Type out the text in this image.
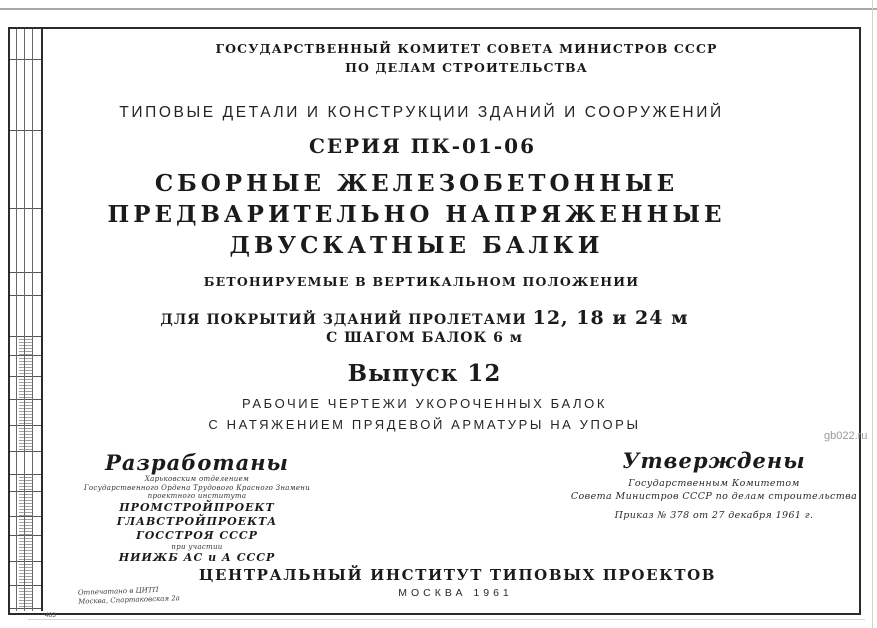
ГОСУДАРСТВЕННЫЙ КОМИТЕТ СОВЕТА МИНИСТРОВ СССР
ПО ДЕЛАМ СТРОИТЕЛЬСТВА
ТИПОВЫЕ ДЕТАЛИ И КОНСТРУКЦИИ ЗДАНИЙ И СООРУЖЕНИЙ
СЕРИЯ ПК-01-06
СБОРНЫЕ ЖЕЛЕЗОБЕТОННЫЕ
ПРЕДВАРИТЕЛЬНО НАПРЯЖЕННЫЕ
ДВУСКАТНЫЕ БАЛКИ
БЕТОНИРУЕМЫЕ В ВЕРТИКАЛЬНОМ ПОЛОЖЕНИИ
ДЛЯ ПОКРЫТИЙ ЗДАНИЙ ПРОЛЕТАМИ 12, 18 и 24 м
С ШАГОМ БАЛОК 6 м
Выпуск 12
РАБОЧИЕ ЧЕРТЕЖИ УКОРОЧЕННЫХ БАЛОК
С НАТЯЖЕНИЕМ ПРЯДЕВОЙ АРМАТУРЫ НА УПОРЫ
Разработаны
Харьковским отделением
Государственного Ордена Трудового Красного Знамени
проектного института
ПРОМСТРОЙПРОЕКТ ГЛАВСТРОЙПРОЕКТА
ГОССТРОЯ СССР
при участии
НИИЖБ АС и А СССР
Утверждены
Государственным Комитетом
Совета Министров СССР по делам строительства
Приказ № 378 от 27 декабря 1961 г.
ЦЕНТРАЛЬНЫЙ ИНСТИТУТ ТИПОВЫХ ПРОЕКТОВ
МОСКВА 1961
Отпечатано в ЦИТП
Москва, Спартаковская 2а
483
gb022.ru
